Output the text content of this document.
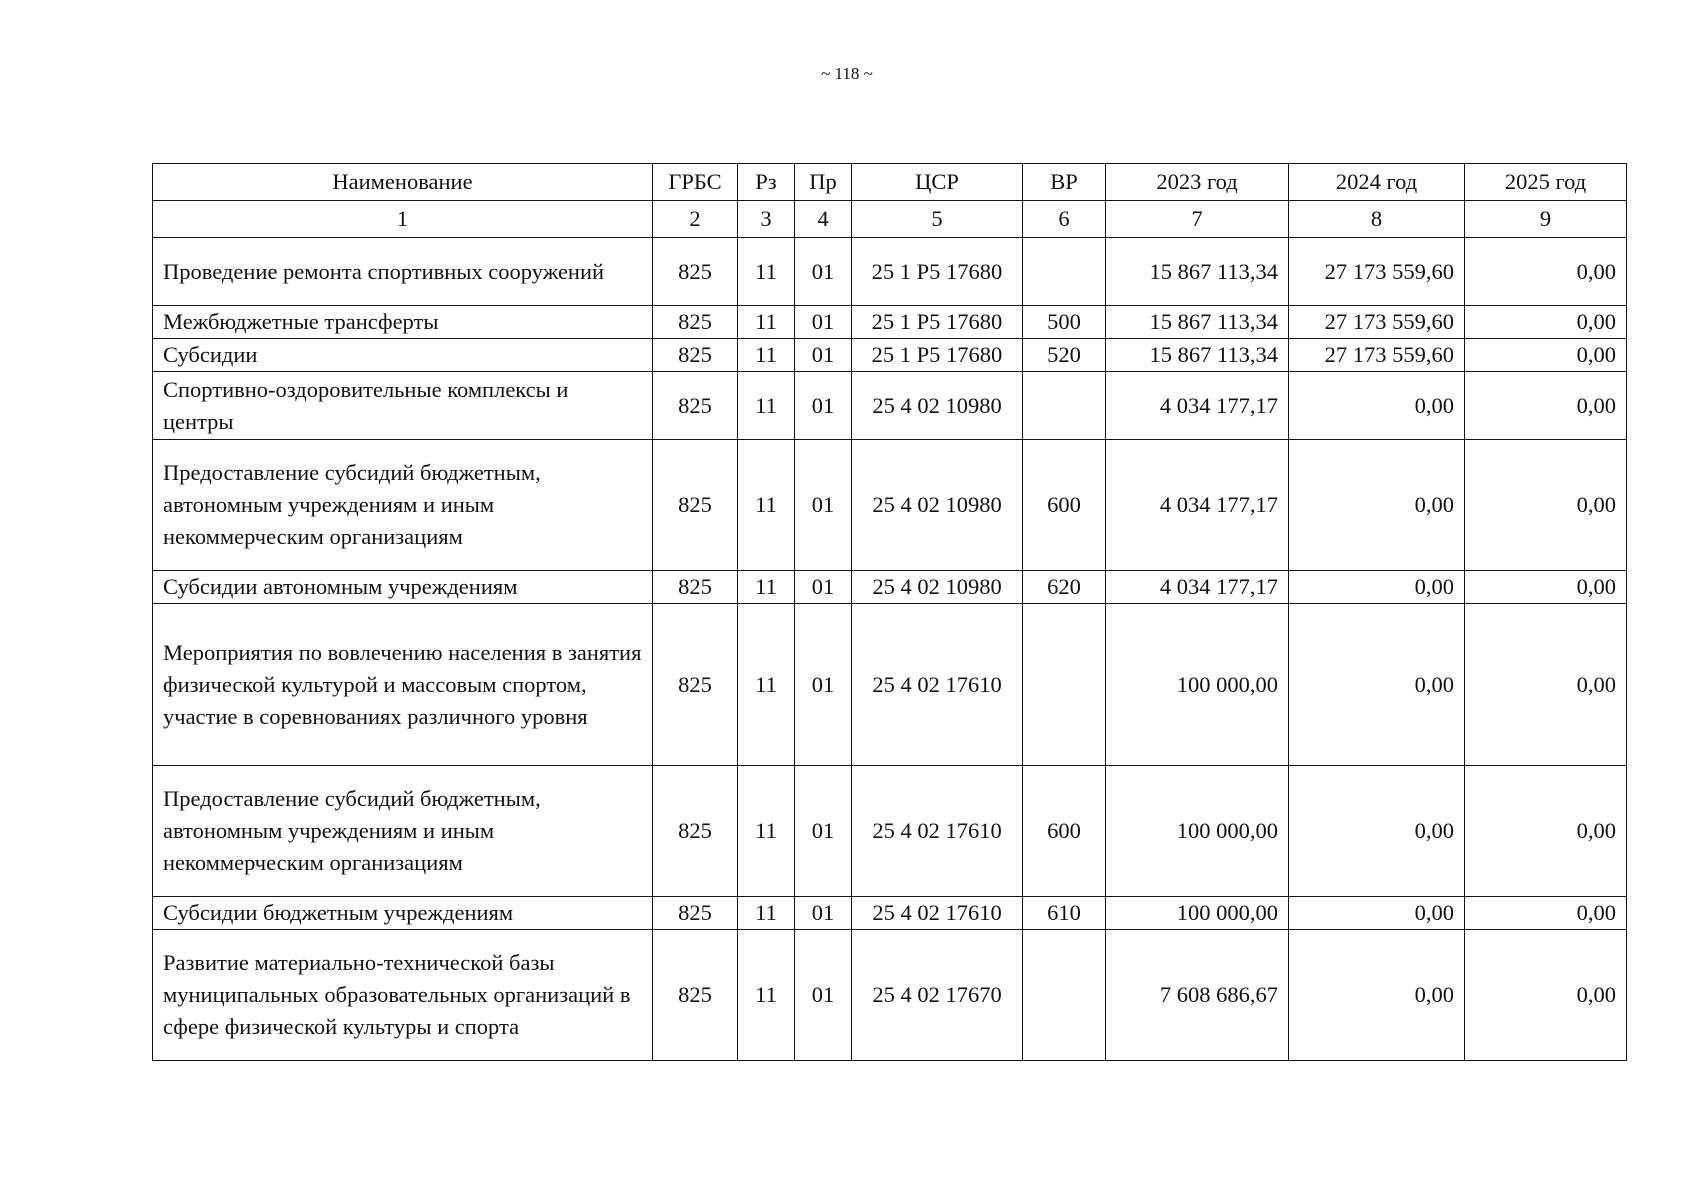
~ 118 ~
Наименование	ГРБС	Рз	Пр	ЦСР	ВР	2023 год	2024 год	2025 год
1	2	3	4	5	6	7	8	9
Проведение ремонта спортивных сооружений	825	11	01	25 1 P5 17680		15 867 113,34	27 173 559,60	0,00
Межбюджетные трансферты	825	11	01	25 1 P5 17680	500	15 867 113,34	27 173 559,60	0,00
Субсидии	825	11	01	25 1 P5 17680	520	15 867 113,34	27 173 559,60	0,00
Спортивно-оздоровительные комплексы и центры	825	11	01	25 4 02 10980		4 034 177,17	0,00	0,00
Предоставление субсидий бюджетным, автономным учреждениям и иным некоммерческим организациям	825	11	01	25 4 02 10980	600	4 034 177,17	0,00	0,00
Субсидии автономным учреждениям	825	11	01	25 4 02 10980	620	4 034 177,17	0,00	0,00
Мероприятия по вовлечению населения в занятия физической культурой и массовым спортом, участие в соревнованиях различного уровня	825	11	01	25 4 02 17610		100 000,00	0,00	0,00
Предоставление субсидий бюджетным, автономным учреждениям и иным некоммерческим организациям	825	11	01	25 4 02 17610	600	100 000,00	0,00	0,00
Субсидии бюджетным учреждениям	825	11	01	25 4 02 17610	610	100 000,00	0,00	0,00
Развитие материально-технической базы муниципальных образовательных организаций в сфере физической культуры и спорта	825	11	01	25 4 02 17670		7 608 686,67	0,00	0,00
